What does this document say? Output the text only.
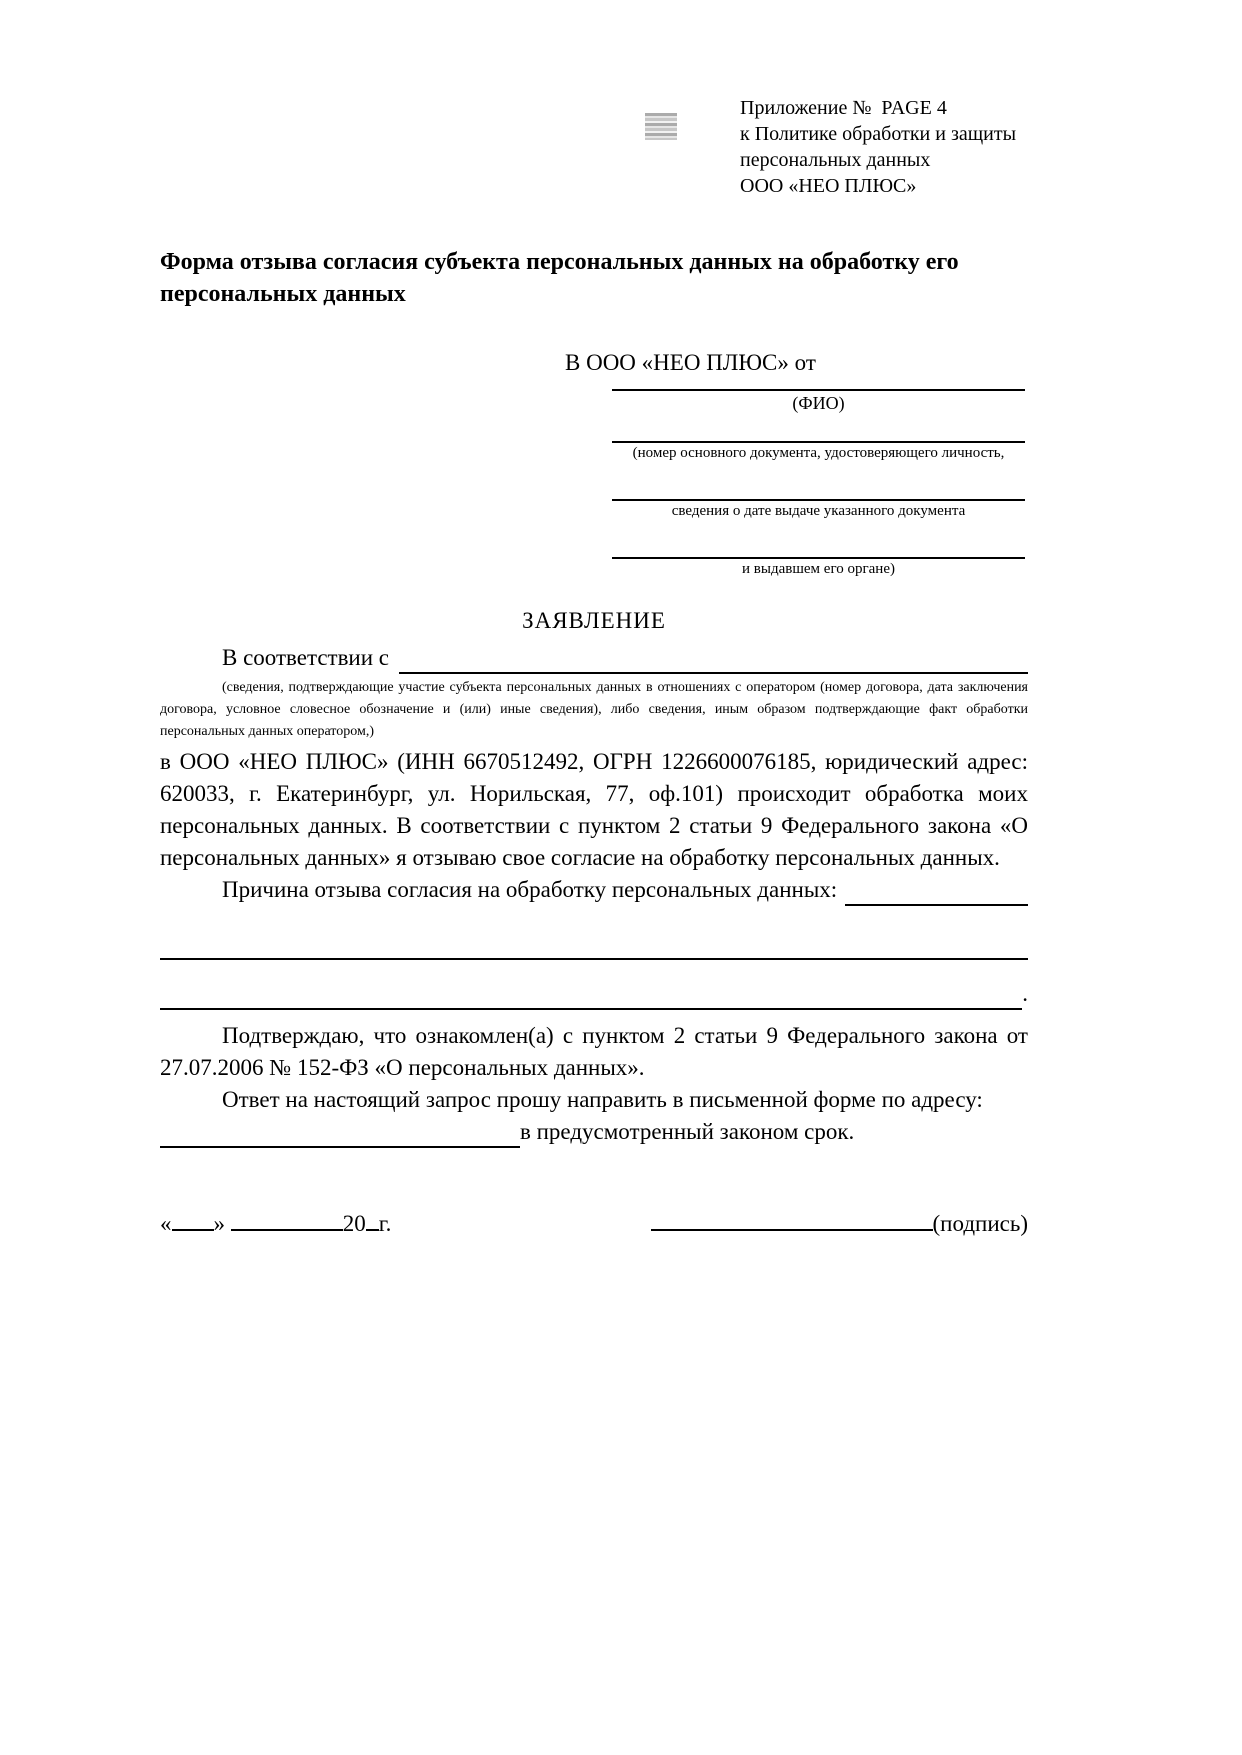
Приложение №  PAGE 4
к Политике обработки и защиты
персональных данных
ООО «НЕО ПЛЮС»
Форма отзыва согласия субъекта персональных данных на обработку его персональных данных
В ООО «НЕО ПЛЮС» от
(ФИО)
(номер основного документа, удостоверяющего личность,
сведения о дате выдаче указанного документа
и выдавшем его органе)
ЗАЯВЛЕНИЕ
В соответствии с

(сведения, подтверждающие участие субъекта персональных данных в отношениях с оператором (номер договора, дата заключения договора, условное словесное обозначение и (или) иные сведения), либо сведения, иным образом подтверждающие факт обработки персональных данных оператором,)

в ООО «НЕО ПЛЮС» (ИНН 6670512492, ОГРН 1226600076185, юридический адрес: 620033, г. Екатеринбург, ул. Норильская, 77, оф.101) происходит обработка моих персональных данных. В соответствии с пунктом 2 статьи 9 Федерального закона «О персональных данных» я отзываю свое согласие на обработку персональных данных.

Причина отзыва согласия на обработку персональных данных:
.

Подтверждаю, что ознакомлен(а) с пунктом 2 статьи 9 Федерального закона от 27.07.2006 № 152-ФЗ «О персональных данных».

Ответ на настоящий запрос прошу направить в письменной форме по адресу:

в предусмотренный законом срок.
« »	20 г.	(подпись)
